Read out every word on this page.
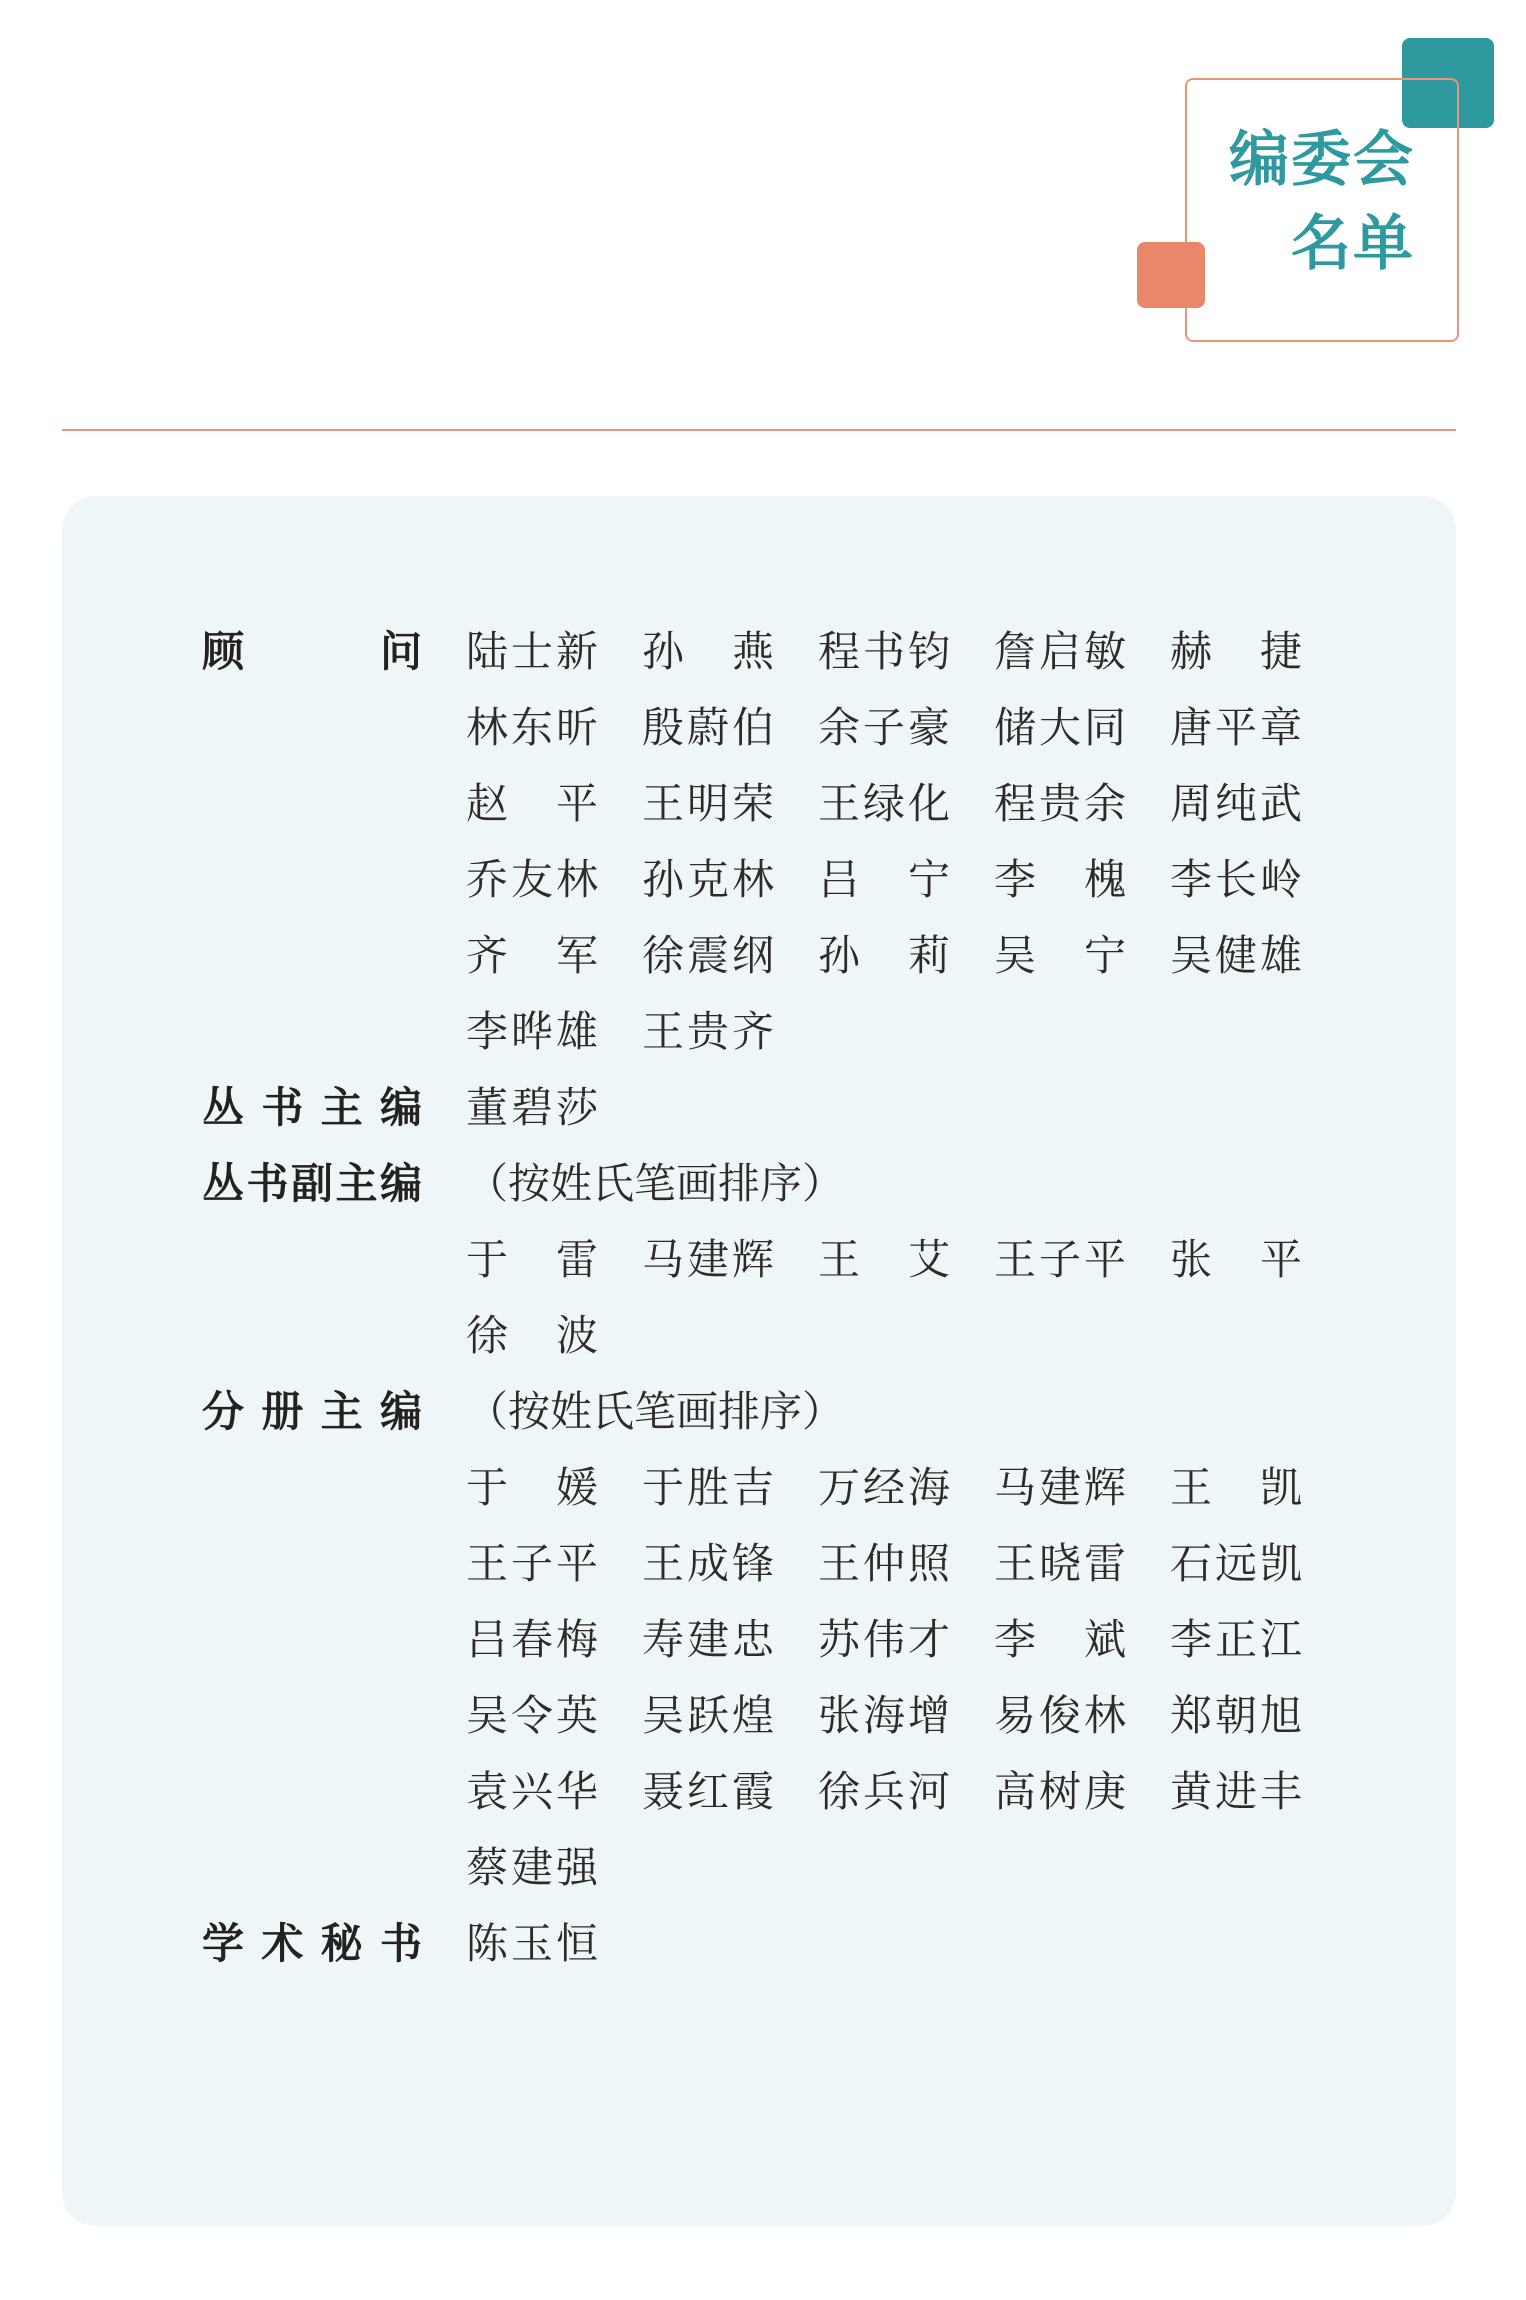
编委会
名单
顾 问 陆士新	孙 燕	程书钧	詹启敏	赫 捷
林东昕	殷蔚伯	余子豪	储大同	唐平章
赵 平	王明荣	王绿化	程贵余	周纯武
乔友林	孙克林	吕 宁	李 槐	李长岭
齐 军	徐震纲	孙 莉	吴 宁	吴健雄
李晔雄	王贵齐
丛书主编 董碧莎
丛书副主编 （按姓氏笔画排序）
于 雷	马建辉	王 艾	王子平	张 平
徐 波
分册主编 （按姓氏笔画排序）
于 媛	于胜吉	万经海	马建辉	王 凯
王子平	王成锋	王仲照	王晓雷	石远凯
吕春梅	寿建忠	苏伟才	李 斌	李正江
吴令英	吴跃煌	张海增	易俊林	郑朝旭
袁兴华	聂红霞	徐兵河	高树庚	黄进丰
蔡建强
学术秘书 陈玉恒
